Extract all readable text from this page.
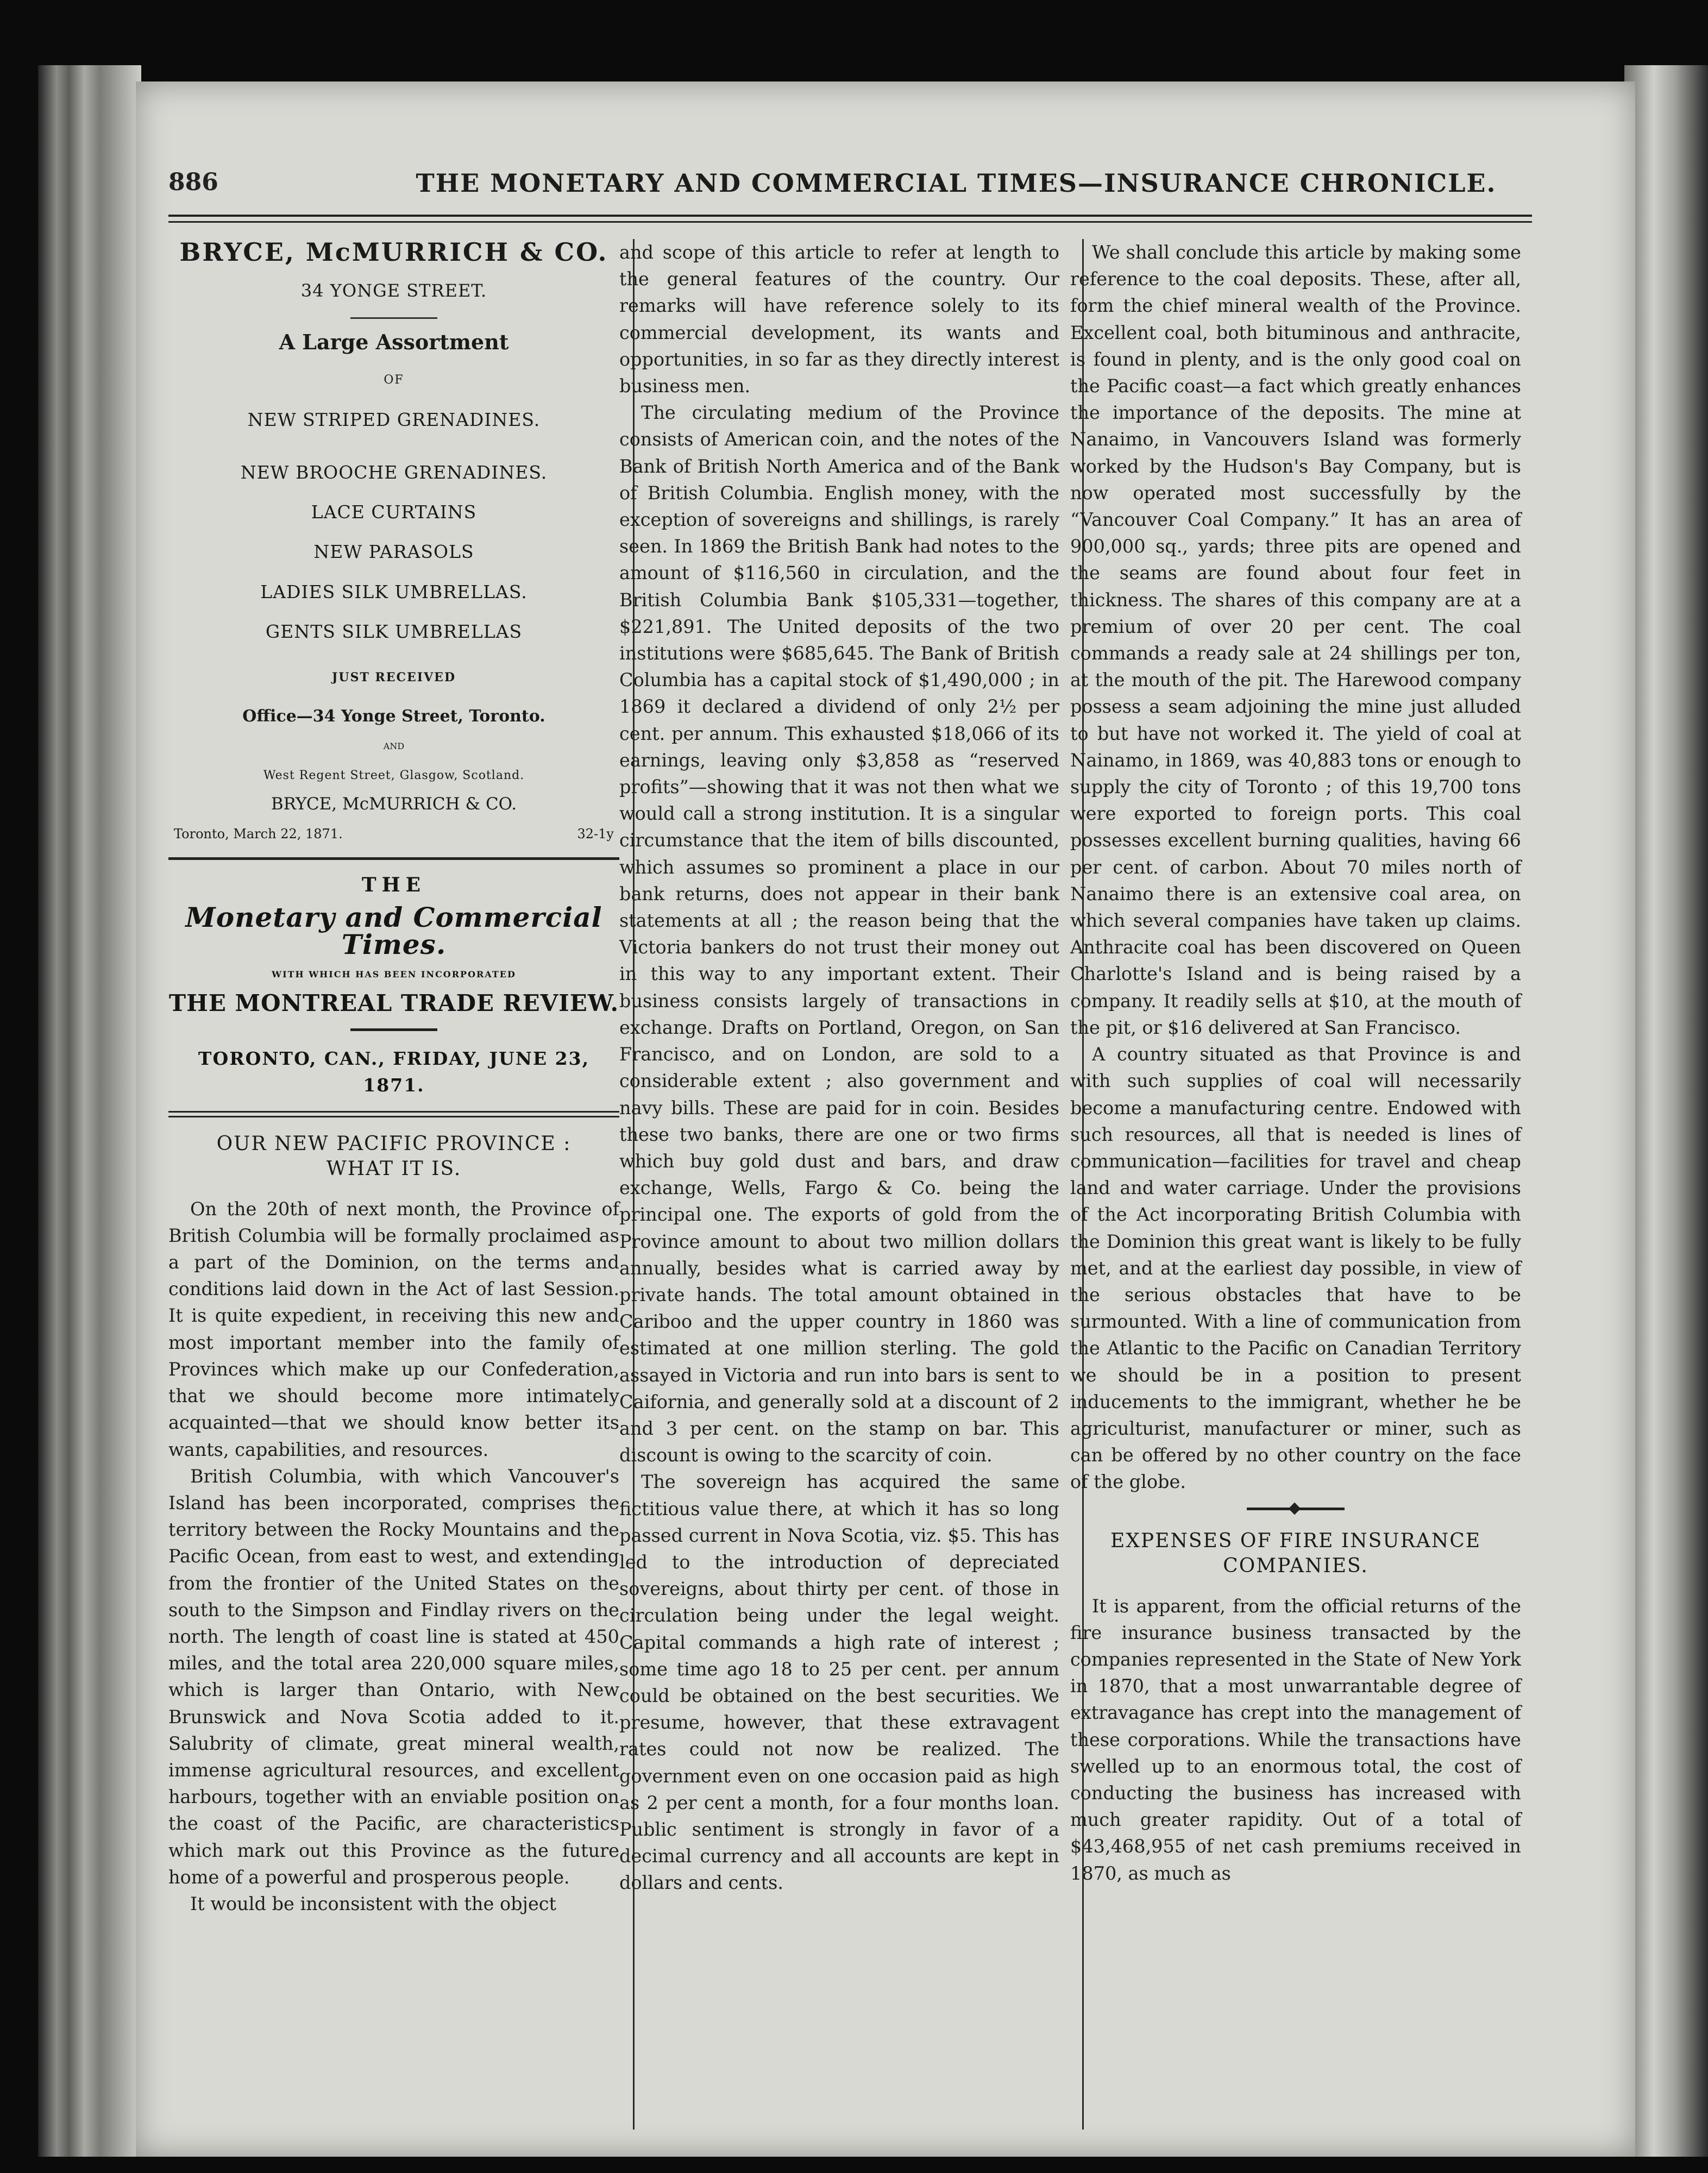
886	THE MONETARY AND COMMERCIAL TIMES—INSURANCE CHRONICLE.
BRYCE, McMURRICH & CO.
34 YONGE STREET.
A Large Assortment
OF
NEW STRIPED GRENADINES.
NEW BROOCHE GRENADINES.
LACE CURTAINS
NEW PARASOLS
LADIES SILK UMBRELLAS.
GENTS SILK UMBRELLAS
JUST RECEIVED
Office—34 Yonge Street, Toronto.
AND
West Regent Street, Glasgow, Scotland.
BRYCE, McMURRICH & CO.
Toronto, March 22, 1871.	32-1y
THE
Monetary and Commercial Times.
WITH WHICH HAS BEEN INCORPORATED
THE MONTREAL TRADE REVIEW.
TORONTO, CAN., FRIDAY, JUNE 23, 1871.
OUR NEW PACIFIC PROVINCE :
WHAT IT IS.

On the 20th of next month, the Province of British Columbia will be formally proclaimed as a part of the Dominion, on the terms and conditions laid down in the Act of last Session. It is quite expedient, in receiving this new and most important member into the family of Provinces which make up our Confederation, that we should become more intimately acquainted—that we should know better its wants, capabilities, and resources.

British Columbia, with which Vancouver's Island has been incorporated, comprises the territory between the Rocky Mountains and the Pacific Ocean, from east to west, and extending from the frontier of the United States on the south to the Simpson and Findlay rivers on the north. The length of coast line is stated at 450 miles, and the total area 220,000 square miles, which is larger than Ontario, with New Brunswick and Nova Scotia added to it. Salubrity of climate, great mineral wealth, immense agricultural resources, and excellent harbours, together with an enviable position on the coast of the Pacific, are characteristics which mark out this Province as the future home of a powerful and prosperous people.

It would be inconsistent with the object

and scope of this article to refer at length to the general features of the country. Our remarks will have reference solely to its commercial development, its wants and opportunities, in so far as they directly interest business men.

The circulating medium of the Province consists of American coin, and the notes of the Bank of British North America and of the Bank of British Columbia. English money, with the exception of sovereigns and shillings, is rarely seen. In 1869 the British Bank had notes to the amount of $116,560 in circulation, and the British Columbia Bank $105,331—together, $221,891. The United deposits of the two institutions were $685,645. The Bank of British Columbia has a capital stock of $1,490,000 ; in 1869 it declared a dividend of only 2½ per cent. per annum. This exhausted $18,066 of its earnings, leaving only $3,858 as “reserved profits”—showing that it was not then what we would call a strong institution. It is a singular circumstance that the item of bills discounted, which assumes so prominent a place in our bank returns, does not appear in their bank statements at all ; the reason being that the Victoria bankers do not trust their money out in this way to any important extent. Their business consists largely of transactions in exchange. Drafts on Portland, Oregon, on San Francisco, and on London, are sold to a considerable extent ; also government and navy bills. These are paid for in coin. Besides these two banks, there are one or two firms which buy gold dust and bars, and draw exchange, Wells, Fargo & Co. being the principal one. The exports of gold from the Province amount to about two million dollars annually, besides what is carried away by private hands. The total amount obtained in Cariboo and the upper country in 1860 was estimated at one million sterling. The gold assayed in Victoria and run into bars is sent to Caifornia, and generally sold at a discount of 2 and 3 per cent. on the stamp on bar. This discount is owing to the scarcity of coin.

The sovereign has acquired the same fictitious value there, at which it has so long passed current in Nova Scotia, viz. $5. This has led to the introduction of depreciated sovereigns, about thirty per cent. of those in circulation being under the legal weight. Capital commands a high rate of interest ; some time ago 18 to 25 per cent. per annum could be obtained on the best securities. We presume, however, that these extravagent rates could not now be realized. The government even on one occasion paid as high as 2 per cent a month, for a four months loan. Public sentiment is strongly in favor of a decimal currency and all accounts are kept in dollars and cents.

We shall conclude this article by making some reference to the coal deposits. These, after all, form the chief mineral wealth of the Province. Excellent coal, both bituminous and anthracite, is found in plenty, and is the only good coal on the Pacific coast—a fact which greatly enhances the importance of the deposits. The mine at Nanaimo, in Vancouvers Island was formerly worked by the Hudson's Bay Company, but is now operated most successfully by the “Vancouver Coal Company.” It has an area of 900,000 sq., yards; three pits are opened and the seams are found about four feet in thickness. The shares of this company are at a premium of over 20 per cent. The coal commands a ready sale at 24 shillings per ton, at the mouth of the pit. The Harewood company possess a seam adjoining the mine just alluded to but have not worked it. The yield of coal at Nainamo, in 1869, was 40,883 tons or enough to supply the city of Toronto ; of this 19,700 tons were exported to foreign ports. This coal possesses excellent burning qualities, having 66 per cent. of carbon. About 70 miles north of Nanaimo there is an extensive coal area, on which several companies have taken up claims. Anthracite coal has been discovered on Queen Charlotte's Island and is being raised by a company. It readily sells at $10, at the mouth of the pit, or $16 delivered at San Francisco.

A country situated as that Province is and with such supplies of coal will necessarily become a manufacturing centre. Endowed with such resources, all that is needed is lines of communication—facilities for travel and cheap land and water carriage. Under the provisions of the Act incorporating British Columbia with the Dominion this great want is likely to be fully met, and at the earliest day possible, in view of the serious obstacles that have to be surmounted. With a line of communication from the Atlantic to the Pacific on Canadian Territory we should be in a position to present inducements to the immigrant, whether he be agriculturist, manufacturer or miner, such as can be offered by no other country on the face of the globe.

EXPENSES OF FIRE INSURANCE
COMPANIES.

It is apparent, from the official returns of the fire insurance business transacted by the companies represented in the State of New York in 1870, that a most unwarrantable degree of extravagance has crept into the management of these corporations. While the transactions have swelled up to an enormous total, the cost of conducting the business has increased with much greater rapidity. Out of a total of $43,468,955 of net cash premiums received in 1870, as much as
